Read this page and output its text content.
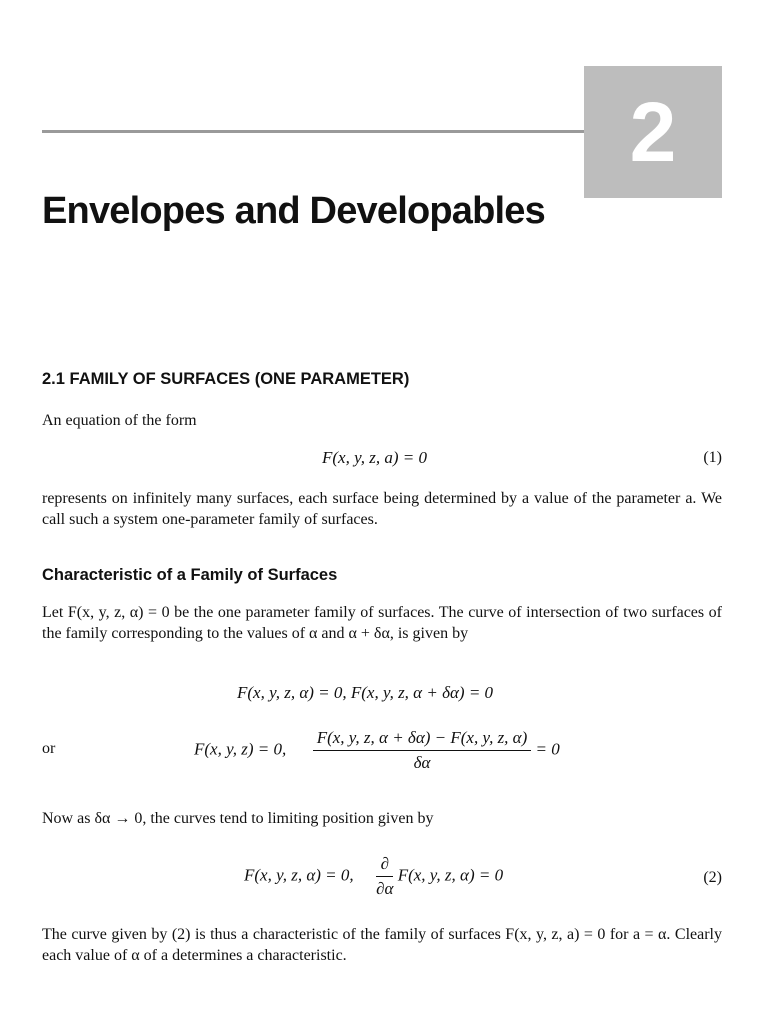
2
Envelopes and Developables
2.1 FAMILY OF SURFACES (ONE PARAMETER)

An equation of the form

F(x, y, z, a) = 0	(1)

represents on infinitely many surfaces, each surface being determined by a value of the parameter a. We call such a system one-parameter family of surfaces.

Characteristic of a Family of Surfaces

Let F(x, y, z, α) = 0 be the one parameter family of surfaces. The curve of intersection of two surfaces of the family corresponding to the values of α and α + δα, is given by

F(x, y, z, α) = 0, F(x, y, z, α + δα) = 0
or	F(x, y, z) = 0, $\frac{F(x, y, z, \alpha + \delta\alpha) - F(x, y, z, \alpha)}{\delta\alpha} = 0$

Now as δα → 0, the curves tend to limiting position given by

F(x, y, z, α) = 0, $\frac{\partial}{\partial\alpha} F(x$, y, z, α) = 0	(2)

The curve given by (2) is thus a characteristic of the family of surfaces F(x, y, z, a) = 0 for a = α. Clearly each value of α of a determines a characteristic.
